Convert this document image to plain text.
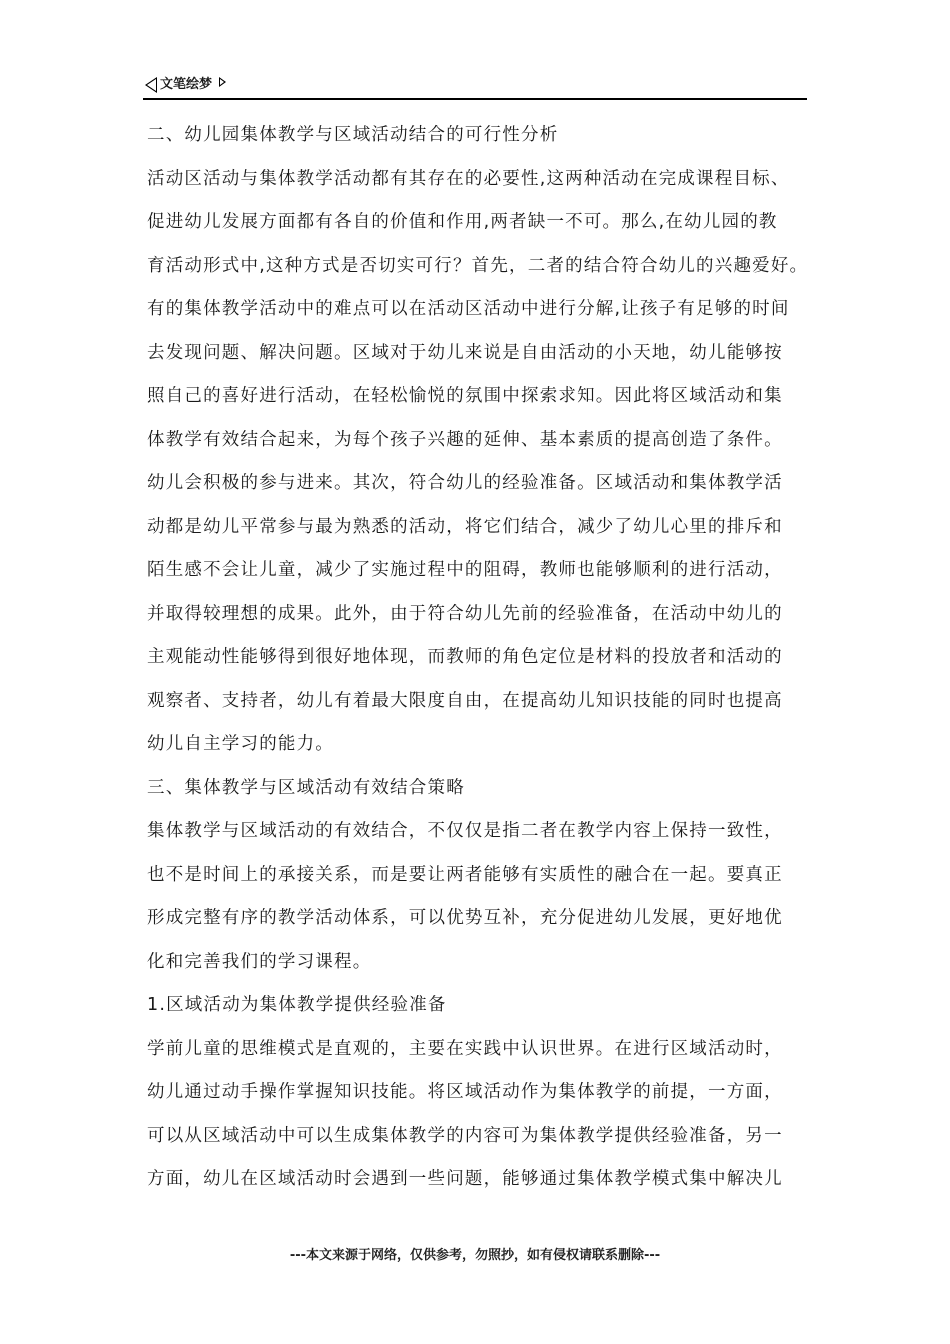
文笔绘梦
二、幼儿园集体教学与区域活动结合的可行性分析
活动区活动与集体教学活动都有其存在的必要性,这两种活动在完成课程目标、
促进幼儿发展方面都有各自的价值和作用,两者缺一不可。那么,在幼儿园的教
育活动形式中,这种方式是否切实可行？首先，二者的结合符合幼儿的兴趣爱好。
有的集体教学活动中的难点可以在活动区活动中进行分解,让孩子有足够的时间
去发现问题、解决问题。区域对于幼儿来说是自由活动的小天地，幼儿能够按
照自己的喜好进行活动，在轻松愉悦的氛围中探索求知。因此将区域活动和集
体教学有效结合起来，为每个孩子兴趣的延伸、基本素质的提高创造了条件。
幼儿会积极的参与进来。其次，符合幼儿的经验准备。区域活动和集体教学活
动都是幼儿平常参与最为熟悉的活动，将它们结合，减少了幼儿心里的排斥和
陌生感不会让儿童，减少了实施过程中的阻碍，教师也能够顺利的进行活动，
并取得较理想的成果。此外，由于符合幼儿先前的经验准备，在活动中幼儿的
主观能动性能够得到很好地体现，而教师的角色定位是材料的投放者和活动的
观察者、支持者，幼儿有着最大限度自由，在提高幼儿知识技能的同时也提高
幼儿自主学习的能力。
三、集体教学与区域活动有效结合策略
集体教学与区域活动的有效结合，不仅仅是指二者在教学内容上保持一致性，
也不是时间上的承接关系，而是要让两者能够有实质性的融合在一起。要真正
形成完整有序的教学活动体系，可以优势互补，充分促进幼儿发展，更好地优
化和完善我们的学习课程。
1.区域活动为集体教学提供经验准备
学前儿童的思维模式是直观的，主要在实践中认识世界。在进行区域活动时，
幼儿通过动手操作掌握知识技能。将区域活动作为集体教学的前提，一方面，
可以从区域活动中可以生成集体教学的内容可为集体教学提供经验准备，另一
方面，幼儿在区域活动时会遇到一些问题，能够通过集体教学模式集中解决儿
---本文来源于网络，仅供参考，勿照抄，如有侵权请联系删除---
